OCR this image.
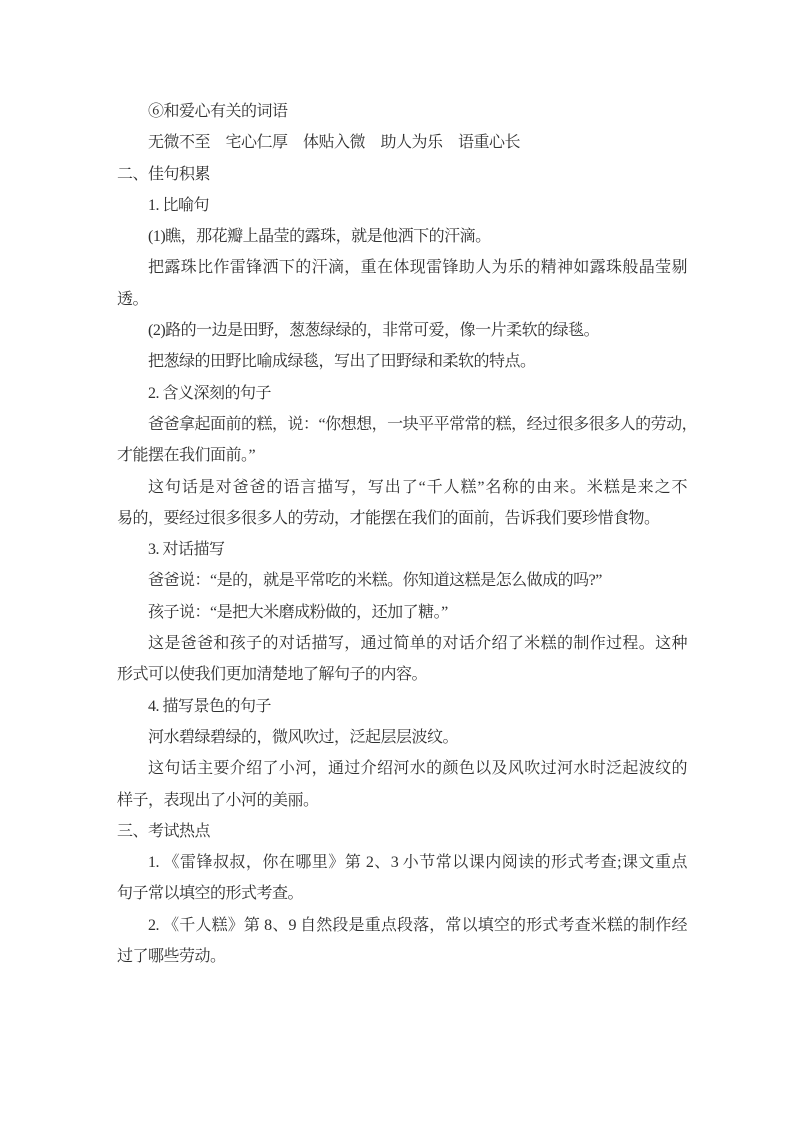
⑥和爱心有关的词语
无微不至　宅心仁厚　体贴入微　助人为乐　语重心长
二、佳句积累
1. 比喻句
(1)瞧，那花瓣上晶莹的露珠，就是他洒下的汗滴。
把露珠比作雷锋洒下的汗滴，重在体现雷锋助人为乐的精神如露珠般晶莹剔
透。
(2)路的一边是田野，葱葱绿绿的，非常可爱，像一片柔软的绿毯。
把葱绿的田野比喻成绿毯，写出了田野绿和柔软的特点。
2. 含义深刻的句子
爸爸拿起面前的糕，说：“你想想，一块平平常常的糕，经过很多很多人的劳动，
才能摆在我们面前。”
这句话是对爸爸的语言描写，写出了“千人糕”名称的由来。米糕是来之不
易的，要经过很多很多人的劳动，才能摆在我们的面前，告诉我们要珍惜食物。
3. 对话描写
爸爸说：“是的，就是平常吃的米糕。你知道这糕是怎么做成的吗?”
孩子说：“是把大米磨成粉做的，还加了糖。”
这是爸爸和孩子的对话描写，通过简单的对话介绍了米糕的制作过程。这种
形式可以使我们更加清楚地了解句子的内容。
4. 描写景色的句子
河水碧绿碧绿的，微风吹过，泛起层层波纹。
这句话主要介绍了小河，通过介绍河水的颜色以及风吹过河水时泛起波纹的
样子，表现出了小河的美丽。
三、考试热点
1. 《雷锋叔叔，你在哪里》第 2、3 小节常以课内阅读的形式考查;课文重点
句子常以填空的形式考查。
2. 《千人糕》第 8、9 自然段是重点段落，常以填空的形式考查米糕的制作经
过了哪些劳动。
